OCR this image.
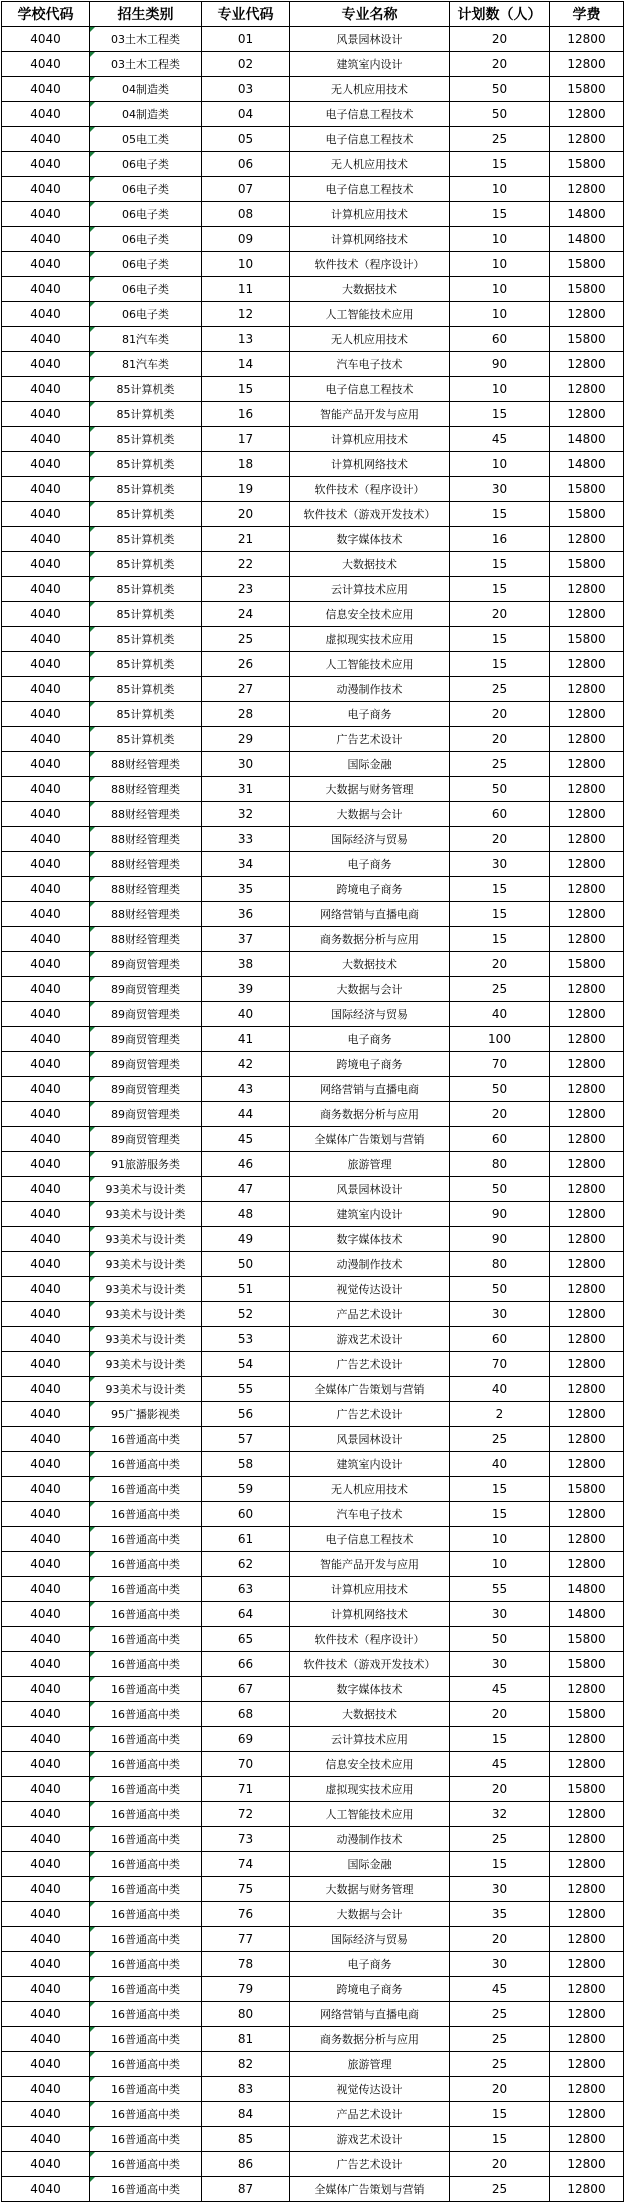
学校代码	招生类别	专业代码	专业名称	计划数（人）	学费
4040	03土木工程类	01	风景园林设计	20	12800
4040	03土木工程类	02	建筑室内设计	20	12800
4040	04制造类	03	无人机应用技术	50	15800
4040	04制造类	04	电子信息工程技术	50	12800
4040	05电工类	05	电子信息工程技术	25	12800
4040	06电子类	06	无人机应用技术	15	15800
4040	06电子类	07	电子信息工程技术	10	12800
4040	06电子类	08	计算机应用技术	15	14800
4040	06电子类	09	计算机网络技术	10	14800
4040	06电子类	10	软件技术（程序设计）	10	15800
4040	06电子类	11	大数据技术	10	15800
4040	06电子类	12	人工智能技术应用	10	12800
4040	81汽车类	13	无人机应用技术	60	15800
4040	81汽车类	14	汽车电子技术	90	12800
4040	85计算机类	15	电子信息工程技术	10	12800
4040	85计算机类	16	智能产品开发与应用	15	12800
4040	85计算机类	17	计算机应用技术	45	14800
4040	85计算机类	18	计算机网络技术	10	14800
4040	85计算机类	19	软件技术（程序设计）	30	15800
4040	85计算机类	20	软件技术（游戏开发技术）	15	15800
4040	85计算机类	21	数字媒体技术	16	12800
4040	85计算机类	22	大数据技术	15	15800
4040	85计算机类	23	云计算技术应用	15	12800
4040	85计算机类	24	信息安全技术应用	20	12800
4040	85计算机类	25	虚拟现实技术应用	15	15800
4040	85计算机类	26	人工智能技术应用	15	12800
4040	85计算机类	27	动漫制作技术	25	12800
4040	85计算机类	28	电子商务	20	12800
4040	85计算机类	29	广告艺术设计	20	12800
4040	88财经管理类	30	国际金融	25	12800
4040	88财经管理类	31	大数据与财务管理	50	12800
4040	88财经管理类	32	大数据与会计	60	12800
4040	88财经管理类	33	国际经济与贸易	20	12800
4040	88财经管理类	34	电子商务	30	12800
4040	88财经管理类	35	跨境电子商务	15	12800
4040	88财经管理类	36	网络营销与直播电商	15	12800
4040	88财经管理类	37	商务数据分析与应用	15	12800
4040	89商贸管理类	38	大数据技术	20	15800
4040	89商贸管理类	39	大数据与会计	25	12800
4040	89商贸管理类	40	国际经济与贸易	40	12800
4040	89商贸管理类	41	电子商务	100	12800
4040	89商贸管理类	42	跨境电子商务	70	12800
4040	89商贸管理类	43	网络营销与直播电商	50	12800
4040	89商贸管理类	44	商务数据分析与应用	20	12800
4040	89商贸管理类	45	全媒体广告策划与营销	60	12800
4040	91旅游服务类	46	旅游管理	80	12800
4040	93美术与设计类	47	风景园林设计	50	12800
4040	93美术与设计类	48	建筑室内设计	90	12800
4040	93美术与设计类	49	数字媒体技术	90	12800
4040	93美术与设计类	50	动漫制作技术	80	12800
4040	93美术与设计类	51	视觉传达设计	50	12800
4040	93美术与设计类	52	产品艺术设计	30	12800
4040	93美术与设计类	53	游戏艺术设计	60	12800
4040	93美术与设计类	54	广告艺术设计	70	12800
4040	93美术与设计类	55	全媒体广告策划与营销	40	12800
4040	95广播影视类	56	广告艺术设计	2	12800
4040	16普通高中类	57	风景园林设计	25	12800
4040	16普通高中类	58	建筑室内设计	40	12800
4040	16普通高中类	59	无人机应用技术	15	15800
4040	16普通高中类	60	汽车电子技术	15	12800
4040	16普通高中类	61	电子信息工程技术	10	12800
4040	16普通高中类	62	智能产品开发与应用	10	12800
4040	16普通高中类	63	计算机应用技术	55	14800
4040	16普通高中类	64	计算机网络技术	30	14800
4040	16普通高中类	65	软件技术（程序设计）	50	15800
4040	16普通高中类	66	软件技术（游戏开发技术）	30	15800
4040	16普通高中类	67	数字媒体技术	45	12800
4040	16普通高中类	68	大数据技术	20	15800
4040	16普通高中类	69	云计算技术应用	15	12800
4040	16普通高中类	70	信息安全技术应用	45	12800
4040	16普通高中类	71	虚拟现实技术应用	20	15800
4040	16普通高中类	72	人工智能技术应用	32	12800
4040	16普通高中类	73	动漫制作技术	25	12800
4040	16普通高中类	74	国际金融	15	12800
4040	16普通高中类	75	大数据与财务管理	30	12800
4040	16普通高中类	76	大数据与会计	35	12800
4040	16普通高中类	77	国际经济与贸易	20	12800
4040	16普通高中类	78	电子商务	30	12800
4040	16普通高中类	79	跨境电子商务	45	12800
4040	16普通高中类	80	网络营销与直播电商	25	12800
4040	16普通高中类	81	商务数据分析与应用	25	12800
4040	16普通高中类	82	旅游管理	25	12800
4040	16普通高中类	83	视觉传达设计	20	12800
4040	16普通高中类	84	产品艺术设计	15	12800
4040	16普通高中类	85	游戏艺术设计	15	12800
4040	16普通高中类	86	广告艺术设计	20	12800
4040	16普通高中类	87	全媒体广告策划与营销	25	12800
